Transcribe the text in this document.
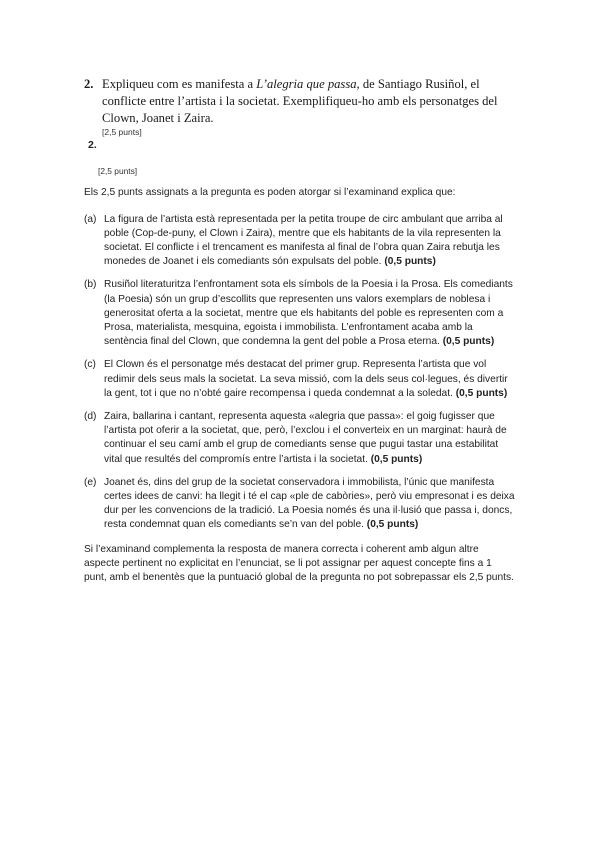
2. Expliqueu com es manifesta a L’alegria que passa, de Santiago Rusiñol, el conflicte entre l’artista i la societat. Exemplifiqueu-ho amb els personatges del Clown, Joanet i Zaira.
[2,5 punts]
2.
[2,5 punts]
Els 2,5 punts assignats a la pregunta es poden atorgar si l’examinand explica que:
(a) La figura de l’artista està representada per la petita troupe de circ ambulant que arriba al poble (Cop-de-puny, el Clown i Zaira), mentre que els habitants de la vila representen la societat. El conflicte i el trencament es manifesta al final de l’obra quan Zaira rebutja les monedes de Joanet i els comediants són expulsats del poble. (0,5 punts)
(b) Rusiñol literaturitza l’enfrontament sota els símbols de la Poesia i la Prosa. Els comediants (la Poesia) són un grup d’escollits que representen uns valors exemplars de noblesa i generositat oferta a la societat, mentre que els habitants del poble es representen com a Prosa, materialista, mesquina, egoista i immobilista. L’enfrontament acaba amb la sentència final del Clown, que condemna la gent del poble a Prosa eterna. (0,5 punts)
(c) El Clown és el personatge més destacat del primer grup. Representa l’artista que vol redimir dels seus mals la societat. La seva missió, com la dels seus col·legues, és divertir la gent, tot i que no n’obté gaire recompensa i queda condemnat a la soledat. (0,5 punts)
(d) Zaira, ballarina i cantant, representa aquesta «alegria que passa»: el goig fugisser que l’artista pot oferir a la societat, que, però, l’exclou i el converteix en un marginat: haurà de continuar el seu camí amb el grup de comediants sense que pugui tastar una estabilitat vital que resultés del compromís entre l’artista i la societat. (0,5 punts)
(e) Joanet és, dins del grup de la societat conservadora i immobilista, l’únic que manifesta certes idees de canvi: ha llegit i té el cap «ple de cabòries», però viu empresonat i es deixa dur per les convencions de la tradició. La Poesia només és una il·lusió que passa i, doncs, resta condemnat quan els comediants se’n van del poble. (0,5 punts)
Si l’examinand complementa la resposta de manera correcta i coherent amb algun altre aspecte pertinent no explicitat en l’enunciat, se li pot assignar per aquest concepte fins a 1 punt, amb el benentès que la puntuació global de la pregunta no pot sobrepassar els 2,5 punts.
